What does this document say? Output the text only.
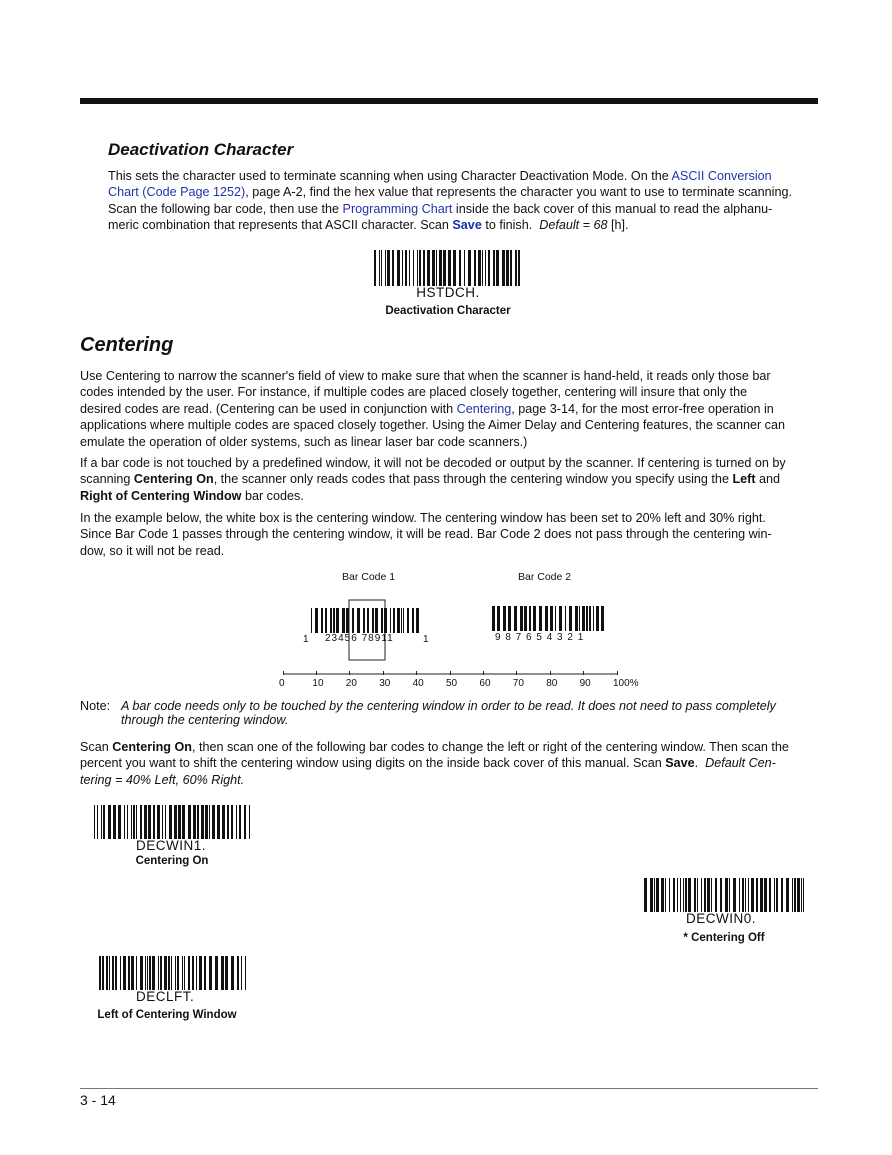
Deactivation Character
This sets the character used to terminate scanning when using Character Deactivation Mode. On the ASCII Conversion
Chart (Code Page 1252), page A-2, find the hex value that represents the character you want to use to terminate scanning.
Scan the following bar code, then use the Programming Chart inside the back cover of this manual to read the alphanu-
meric combination that represents that ASCII character. Scan Save to finish. Default = 68 [h].
HSTDCH.
Deactivation Character
Centering
Use Centering to narrow the scanner's field of view to make sure that when the scanner is hand-held, it reads only those bar
codes intended by the user. For instance, if multiple codes are placed closely together, centering will insure that only the
desired codes are read. (Centering can be used in conjunction with Centering, page 3-14, for the most error-free operation in
applications where multiple codes are spaced closely together. Using the Aimer Delay and Centering features, the scanner can
emulate the operation of older systems, such as linear laser bar code scanners.)
If a bar code is not touched by a predefined window, it will not be decoded or output by the scanner. If centering is turned on by
scanning Centering On, the scanner only reads codes that pass through the centering window you specify using the Left and
Right of Centering Window bar codes.
In the example below, the white box is the centering window. The centering window has been set to 20% left and 30% right.
Since Bar Code 1 passes through the centering window, it will be read. Bar Code 2 does not pass through the centering win-
dow, so it will not be read.
Bar Code 1	Bar Code 2
1 23456 78911	1	9 8 7 6 5 4 3 2 1
0	10 20 30 40 50 60 70 80 90 100%
Note: A bar code needs only to be touched by the centering window in order to be read. It does not need to pass completely
through the centering window.
Scan Centering On, then scan one of the following bar codes to change the left or right of the centering window. Then scan the
percent you want to shift the centering window using digits on the inside back cover of this manual. Scan Save. Default Cen-
tering = 40% Left, 60% Right.
DECWIN1.
Centering On
DECWIN0.
* Centering Off
DECLFT.
Left of Centering Window
3 - 14
